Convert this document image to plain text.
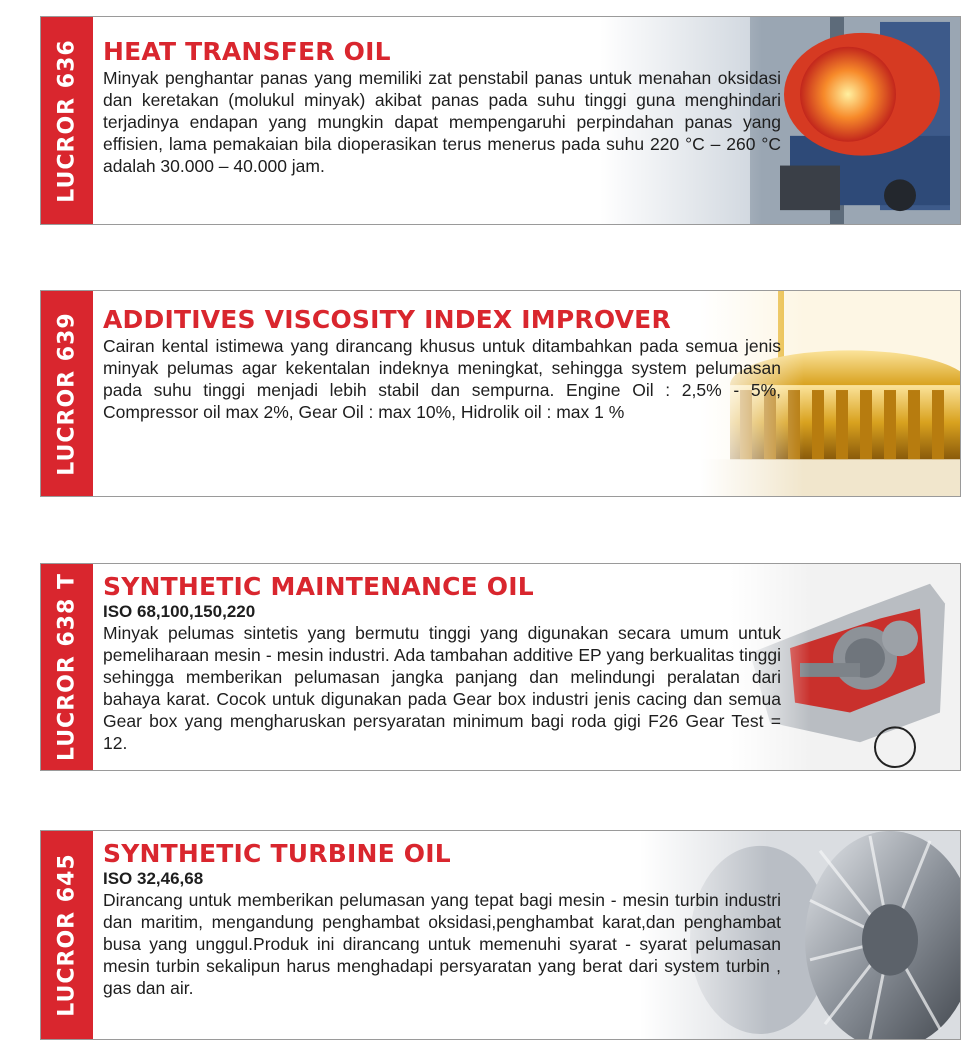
LUCROR 636 HEAT TRANSFER OIL

Minyak penghantar panas yang memiliki zat penstabil panas untuk menahan oksidasi dan keretakan (molukul minyak) akibat panas pada suhu tinggi guna menghindari terjadinya endapan yang mungkin dapat mempengaruhi perpindahan panas yang effisien, lama pemakaian bila dioperasikan terus menerus pada suhu 220 °C – 260 °C adalah 30.000 – 40.000 jam.

LUCROR 639 ADDITIVES VISCOSITY INDEX IMPROVER

Cairan kental istimewa yang dirancang khusus untuk ditambahkan pada semua jenis minyak pelumas agar kekentalan indeknya meningkat, sehingga system pelumasan pada suhu tinggi menjadi lebih stabil dan sempurna. Engine Oil : 2,5% - 5%, Compressor oil max 2%, Gear Oil : max 10%, Hidrolik oil : max 1 %

LUCROR 638 T SYNTHETIC MAINTENANCE OIL

ISO 68,100,150,220

Minyak pelumas sintetis yang bermutu tinggi yang digunakan secara umum untuk pemeliharaan mesin - mesin industri. Ada tambahan additive EP yang berkualitas tinggi sehingga memberikan pelumasan jangka panjang dan melindungi peralatan dari bahaya karat. Cocok untuk digunakan pada Gear box industri jenis cacing dan semua Gear box yang mengharuskan persyaratan minimum bagi roda gigi F26 Gear Test = 12.

LUCROR 645 SYNTHETIC TURBINE OIL

ISO 32,46,68

Dirancang untuk memberikan pelumasan yang tepat bagi mesin - mesin turbin industri dan maritim, mengandung penghambat oksidasi,penghambat karat,dan penghambat busa yang unggul.Produk ini dirancang untuk memenuhi syarat - syarat pelumasan mesin turbin sekalipun harus menghadapi persyaratan yang berat dari system turbin , gas dan air.
